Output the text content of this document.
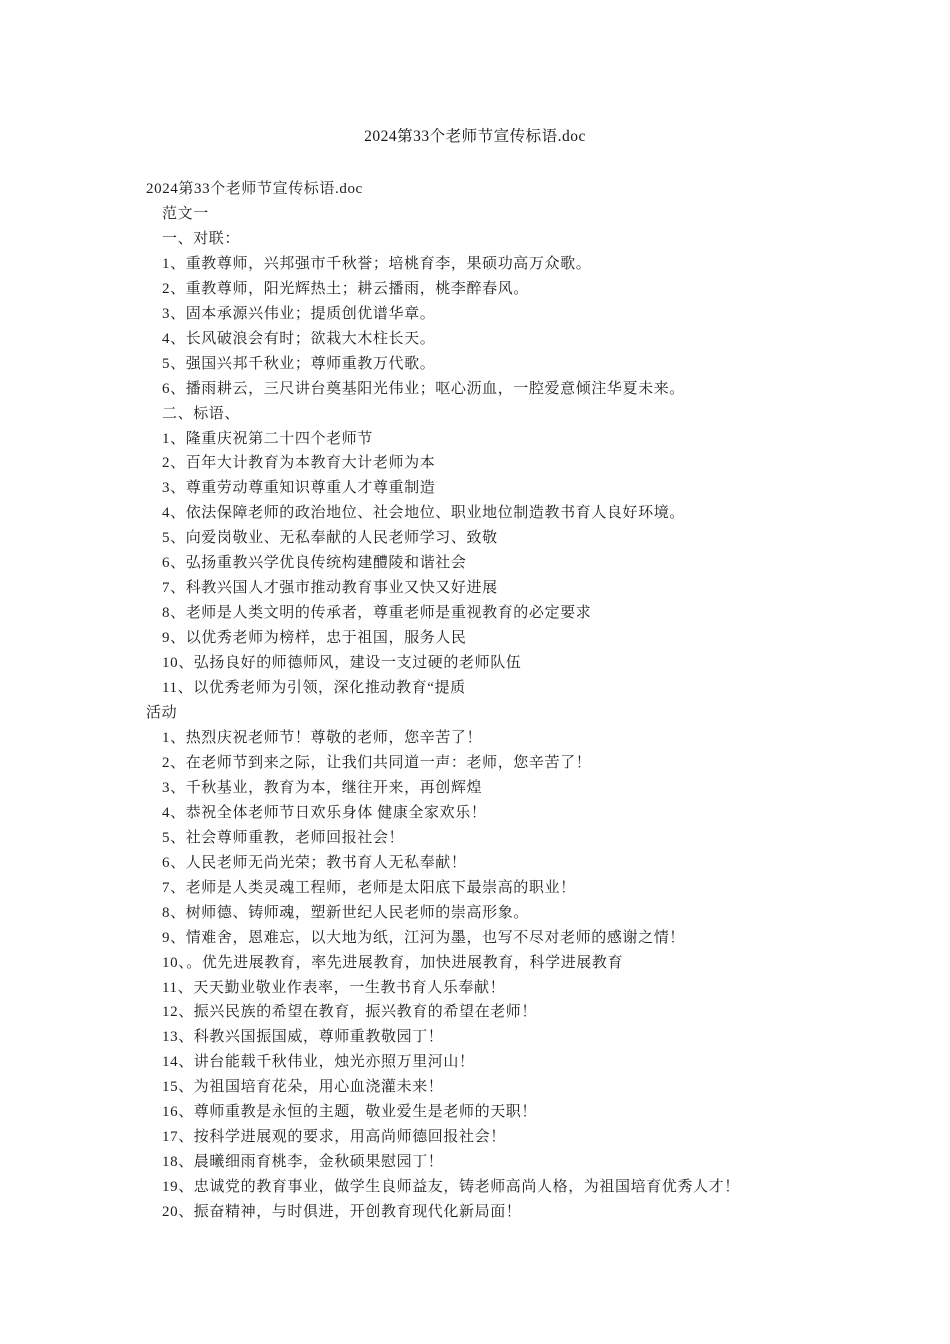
2024第33个老师节宣传标语.doc
2024第33个老师节宣传标语.doc
范文一
一、对联：
1、重教尊师，兴邦强市千秋誉；培桃育李，果硕功高万众歌。
2、重教尊师，阳光辉热土；耕云播雨，桃李醉春风。
3、固本承源兴伟业；提质创优谱华章。
4、长风破浪会有时；欲栽大木柱长天。
5、强国兴邦千秋业；尊师重教万代歌。
6、播雨耕云，三尺讲台奠基阳光伟业；呕心沥血，一腔爱意倾注华夏未来。
二、标语、
1、隆重庆祝第二十四个老师节
2、百年大计教育为本教育大计老师为本
3、尊重劳动尊重知识尊重人才尊重制造
4、依法保障老师的政治地位、社会地位、职业地位制造教书育人良好环境。
5、向爱岗敬业、无私奉献的人民老师学习、致敬
6、弘扬重教兴学优良传统构建醴陵和谐社会
7、科教兴国人才强市推动教育事业又快又好进展
8、老师是人类文明的传承者，尊重老师是重视教育的必定要求
9、以优秀老师为榜样，忠于祖国，服务人民
10、弘扬良好的师德师风，建设一支过硬的老师队伍
11、以优秀老师为引领，深化推动教育“提质
活动
1、热烈庆祝老师节！尊敬的老师，您辛苦了！
2、在老师节到来之际，让我们共同道一声：老师，您辛苦了！
3、千秋基业，教育为本，继往开来，再创辉煌
4、恭祝全体老师节日欢乐身体 健康全家欢乐！
5、社会尊师重教，老师回报社会！
6、人民老师无尚光荣；教书育人无私奉献！
7、老师是人类灵魂工程师，老师是太阳底下最崇高的职业！
8、树师德、铸师魂，塑新世纪人民老师的崇高形象。
9、情难舍，恩难忘，以大地为纸，江河为墨，也写不尽对老师的感谢之情！
10、。优先进展教育，率先进展教育，加快进展教育，科学进展教育
11、天天勤业敬业作表率，一生教书育人乐奉献！
12、振兴民族的希望在教育，振兴教育的希望在老师！
13、科教兴国振国威，尊师重教敬园丁！
14、讲台能载千秋伟业，烛光亦照万里河山！
15、为祖国培育花朵，用心血浇灌未来！
16、尊师重教是永恒的主题，敬业爱生是老师的天职！
17、按科学进展观的要求，用高尚师德回报社会！
18、晨曦细雨育桃李，金秋硕果慰园丁！
19、忠诚党的教育事业，做学生良师益友，铸老师高尚人格，为祖国培育优秀人才！
20、振奋精神，与时俱进，开创教育现代化新局面！
